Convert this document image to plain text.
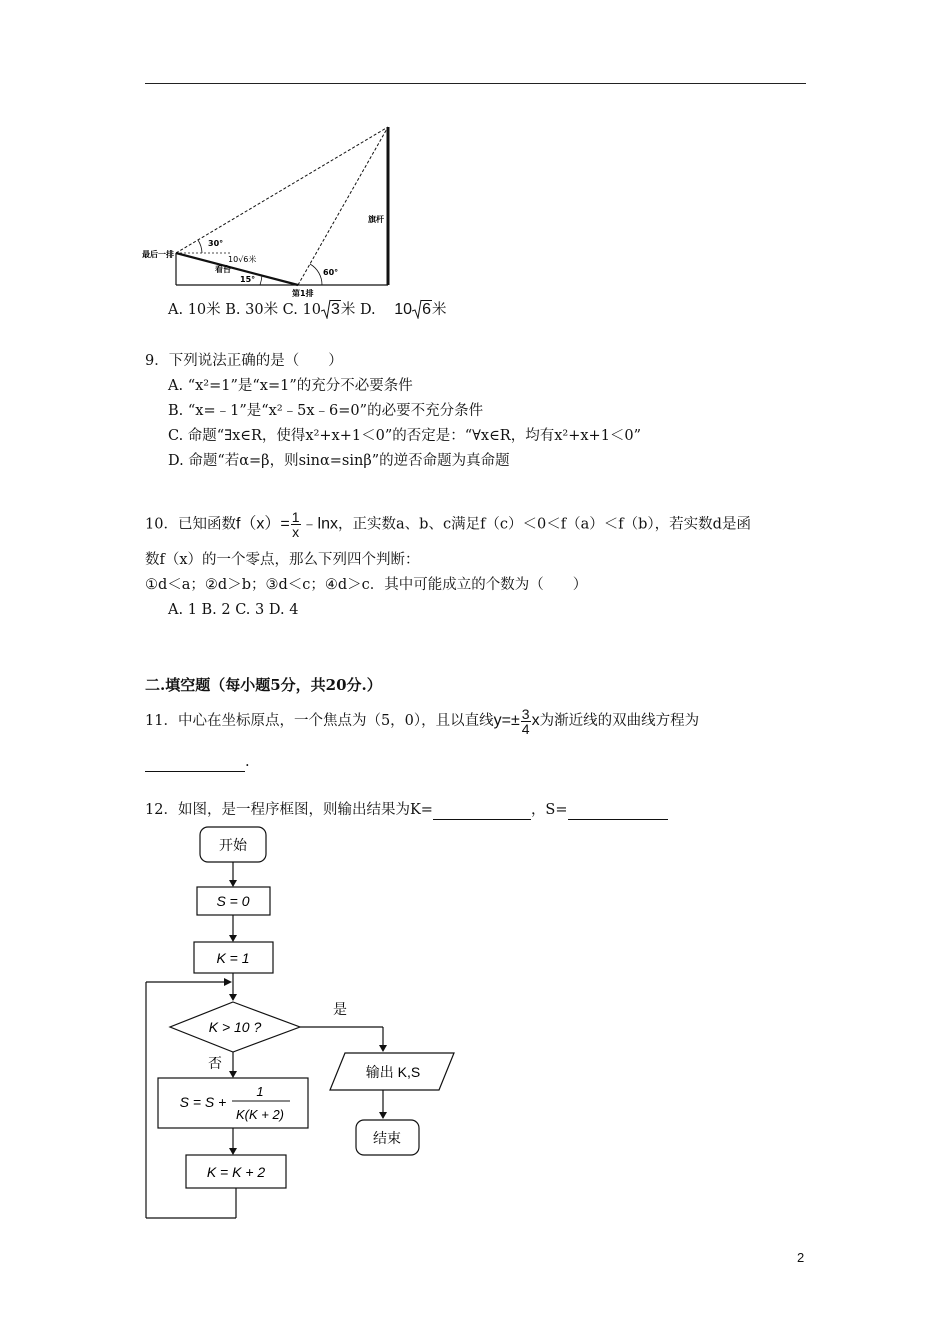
最后一排
第1排
看台
旗杆
10√6米
30°
15°
60°
A. 10米 B. 30米 C. 10 3米 D. 10 6米
9．下列说法正确的是（　　）
A. “x²=1”是“x=1”的充分不必要条件
B. “x=﹣1”是“x²﹣5x﹣6=0”的必要不充分条件
C. 命题“∃x∈R，使得x²+x+1＜0”的否定是：“∀x∈R，均有x²+x+1＜0”
D. 命题“若α=β，则sinα=sinβ”的逆否命题为真命题
10．已知函数$f(x)= \frac{1}{x}$ ﹣lnx，正实数a、b、c满足f（c）＜0＜f（a）＜f（b），若实数d是函
数f（x）的一个零点，那么下列四个判断：
①d＜a；②d＞b；③d＜c；④d＞c．其中可能成立的个数为（　　）
A. 1 B. 2 C. 3 D. 4
二.填空题（每小题5分，共20分.）
11．中心在坐标原点，一个焦点为（5，0），且以直线$y=\pm \frac{3}{4}$ x为渐近线的双曲线方程为
.
12．如图，是一程序框图，则输出结果为K=	，S=
开始
S = 0
K = 1
K > 10 ?
是
输出 K,S
结束
否
S = S +
1
K(K + 2)
K = K + 2
2
